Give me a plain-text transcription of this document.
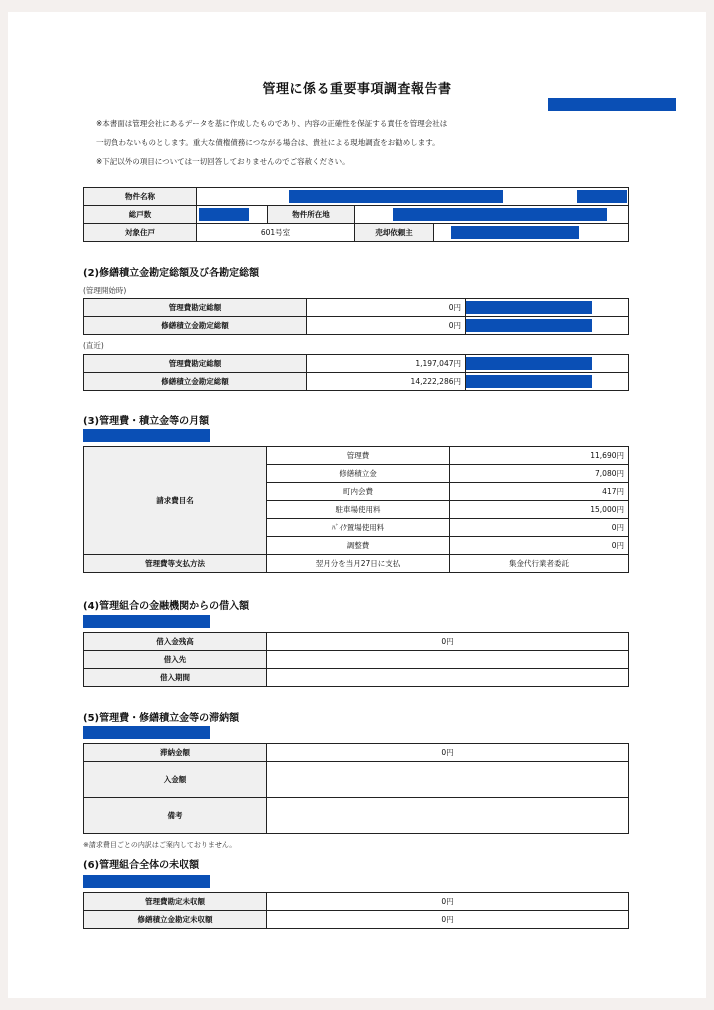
管理に係る重要事項調査報告書
※本書面は管理会社にあるデータを基に作成したものであり、内容の正確性を保証する責任を管理会社は
一切負わないものとします。重大な債権債務につながる場合は、貴社による現地調査をお勧めします。
※下記以外の項目については一切回答しておりませんのでご容赦ください。
物件名称			

総戸数		物件所在地	

対象住戸	601号室		売却依頼主
(2)修繕積立金勘定総額及び各勘定総額
(管理開始時)
管理費勘定総額	0円	

修繕積立金勘定総額	0円	
(直近)
管理費勘定総額	1,197,047円	

修繕積立金勘定総額	14,222,286円	
(3)管理費・積立金等の月額
請求費目名	管理費	11,690円
	修繕積立金	7,080円
	町内会費	417円
	駐車場使用料	15,000円
	ﾊﾞｲｸ置場使用料	0円
	調整費	0円
管理費等支払方法	翌月分を当月27日に支払	集金代行業者委託
(4)管理組合の金融機関からの借入額
借入金残高	0円
借入先	
借入期間	
(5)管理費・修繕積立金等の滞納額
滞納金額	0円
入金額	
備考	
※請求費目ごとの内訳はご案内しておりません。
(6)管理組合全体の未収額
管理費勘定未収額	0円
修繕積立金勘定未収額	0円
